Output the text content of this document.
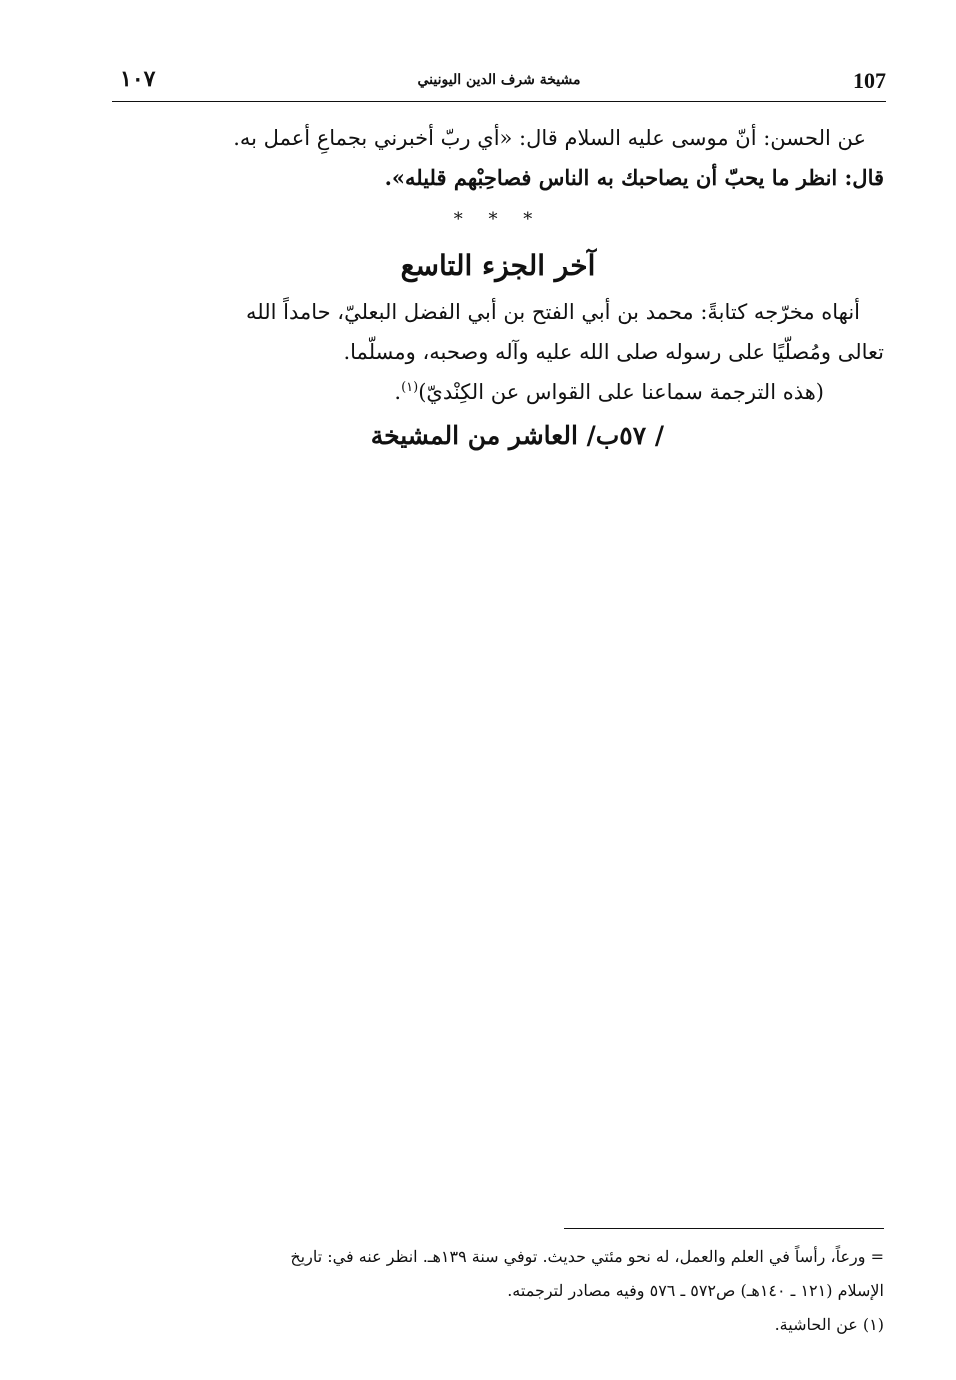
107
مشيخة شرف الدين اليونيني
١٠٧

عن الحسن: أنّ موسى عليه السلام قال: «أي ربّ أخبرني بجماعِ أعمل به.

قال: انظر ما يحبّ أن يصاحبك به الناس فصاحِبْهم قليله».

* * *
آخر الجزء التاسع

أنهاه مخرّجه كتابةً: محمد بن أبي الفتح بن أبي الفضل البعليّ، حامداً الله

تعالى ومُصلّيًا على رسوله صلى الله عليه وآله وصحبه، ومسلّما.

(هذه الترجمة سماعنا على القواس عن الكِنْديّ)$^{(١)}$.

/ ٥٧ب/ العاشر من المشيخة

= ورعاً، رأساً في العلم والعمل، له نحو مئتي حديث. توفي سنة ١٣٩هـ. انظر عنه في: تاريخ

الإسلام (١٢١ ـ ١٤٠هـ) ص٥٧٢ ـ ٥٧٦ وفيه مصادر لترجمته.

(١) عن الحاشية.
